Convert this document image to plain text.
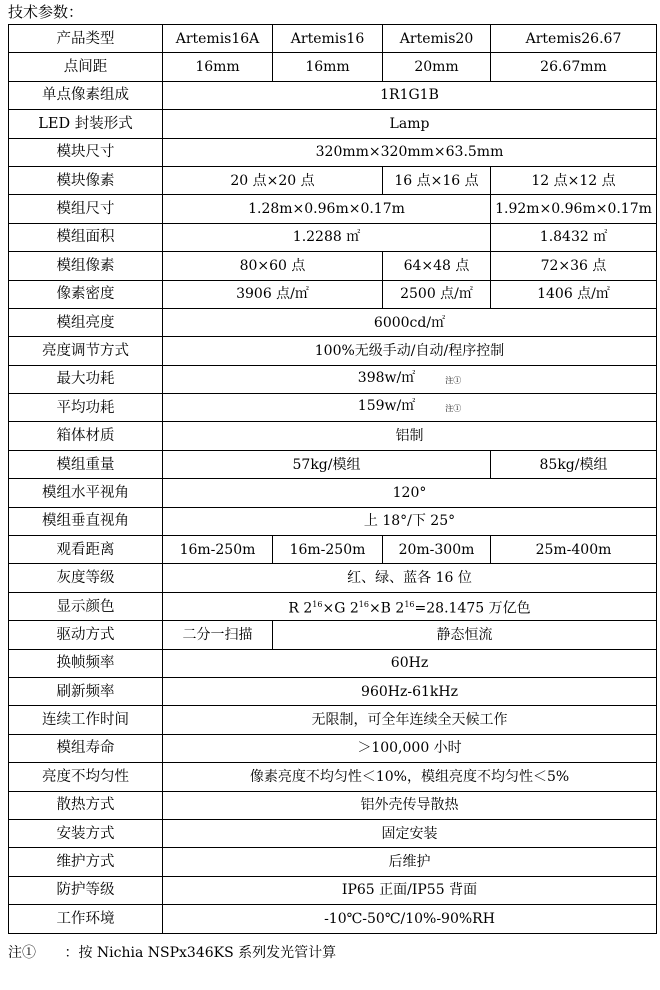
技术参数：
产品类型	Artemis16A	Artemis16	Artemis20	Artemis26.67
点间距	16mm	16mm	20mm	26.67mm
单点像素组成	1R1G1B			
LED 封装形式	Lamp			
模块尺寸	320mm×320mm×63.5mm			
模块像素	20 点×20 点		16 点×16 点	12 点×12 点
模组尺寸	1.28m×0.96m×0.17m			1.92m×0.96m×0.17m
模组面积	1.2288 ㎡			1.8432 ㎡
模组像素	80×60 点		64×48 点	72×36 点
像素密度	3906 点/㎡		2500 点/㎡	1406 点/㎡
模组亮度	6000cd/㎡			
亮度调节方式	100%无级手动/自动/程序控制			
最大功耗	398w/㎡ 注①			
平均功耗	159w/㎡ 注①			
箱体材质	铝制			
模组重量	57kg/模组			85kg/模组
模组水平视角	120°			
模组垂直视角	上 18°/下 25°			
观看距离	16m-250m	16m-250m	20m-300m	25m-400m
灰度等级	红、绿、蓝各 16 位			
显示颜色	R $2^{16}\times G$ $2^{16}\times B$ $2^{16}=28.1475$ 万亿色			
驱动方式	二分一扫描	静态恒流		
换帧频率	60Hz			
刷新频率	960Hz-61kHz			
连续工作时间	无限制，可全年连续全天候工作			
模组寿命	＞100,000 小时			
亮度不均匀性	像素亮度不均匀性＜10%，模组亮度不均匀性＜5%			
散热方式	铝外壳传导散热			
安装方式	固定安装			
维护方式	后维护			
防护等级	IP65 正面/IP55 背面			
工作环境	-10℃-50℃/10%-90%RH			
注① ：按 Nichia NSPx346KS 系列发光管计算
